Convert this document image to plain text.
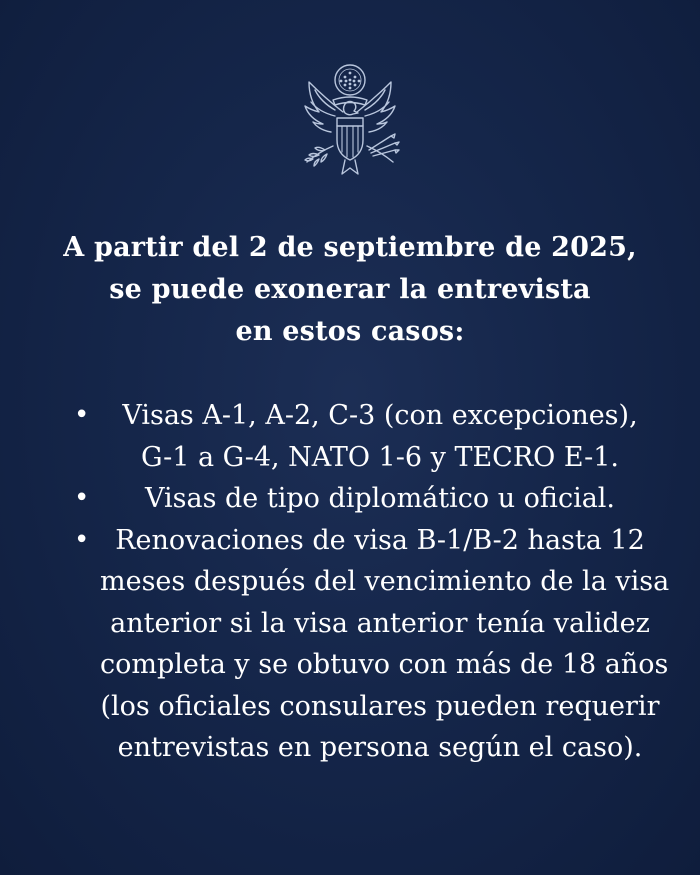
A partir del 2 de septiembre de 2025,
se puede exonerar la entrevista
en estos casos:
•	Visas A-1, A-2, C-3 (con excepciones),
G-1 a G-4, NATO 1-6 y TECRO E-1.
•	Visas de tipo diplomático u oficial.
• Renovaciones de visa B-1/B-2 hasta 12
meses después del vencimiento de la visa
anterior si la visa anterior tenía validez
completa y se obtuvo con más de 18 años
(los oficiales consulares pueden requerir
entrevistas en persona según el caso).
